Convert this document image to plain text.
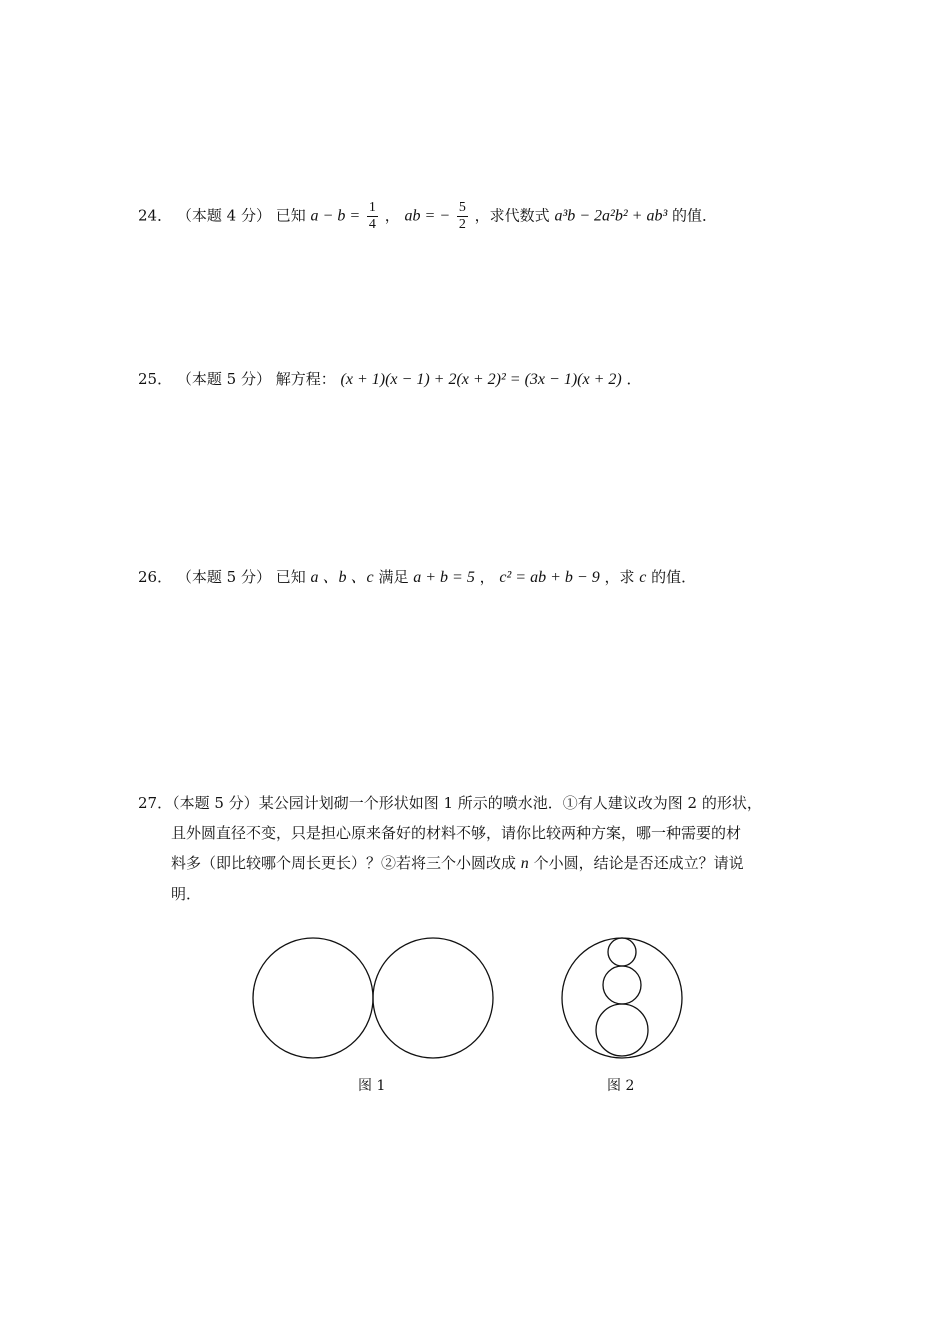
24． （本题 4 分） 已知 $a - b = \frac{1}{4}$ ， ab = − $\frac{5}{2}$ ，求代数式 a³b − 2a²b² + ab³ 的值．
25． （本题 5 分） 解方程： (x + 1)(x − 1) + 2(x + 2)² = (3x − 1)(x + 2) ．
26． （本题 5 分） 已知 a 、b 、c 满足 a + b = 5 ， c² = ab + b − 9 ，求 c 的值．
27．（本题 5 分）某公园计划砌一个形状如图 1 所示的喷水池．①有人建议改为图 2 的形状，
且外圆直径不变，只是担心原来备好的材料不够，请你比较两种方案，哪一种需要的材
料多（即比较哪个周长更长）？②若将三个小圆改成 n 个小圆，结论是否还成立？请说
明．
图 1	图 2
